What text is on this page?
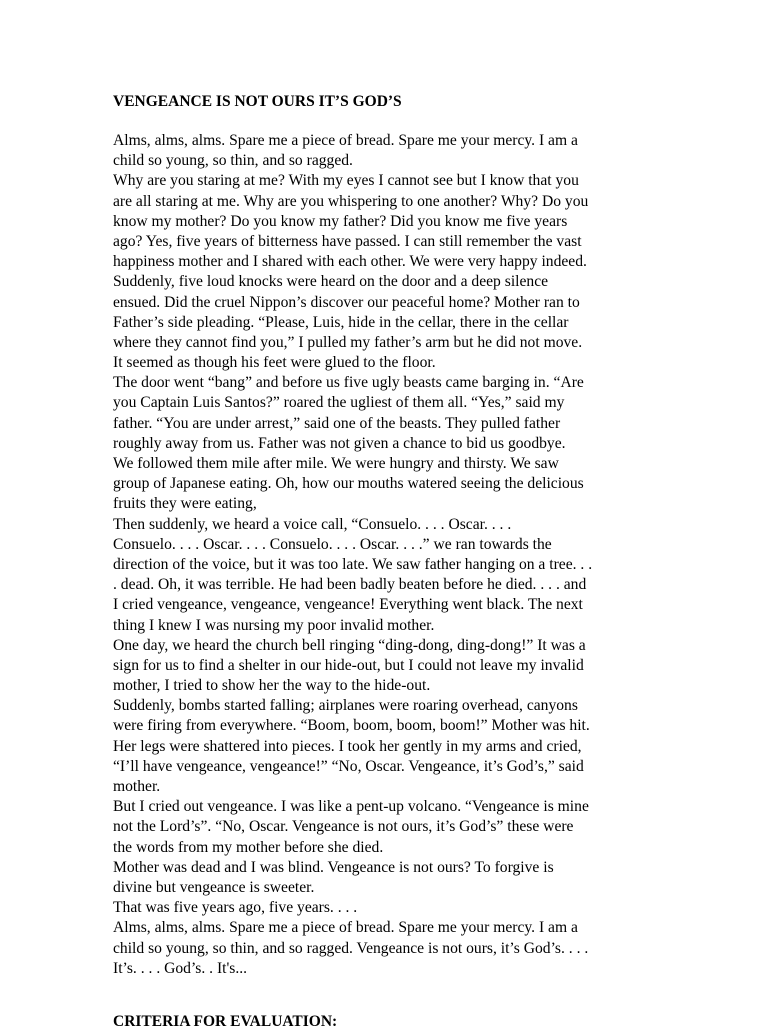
VENGEANCE IS NOT OURS IT’S GOD’S
Alms, alms, alms. Spare me a piece of bread. Spare me your mercy. I am a
child so young, so thin, and so ragged.
Why are you staring at me? With my eyes I cannot see but I know that you
are all staring at me. Why are you whispering to one another? Why? Do you
know my mother? Do you know my father? Did you know me five years
ago? Yes, five years of bitterness have passed. I can still remember the vast
happiness mother and I shared with each other. We were very happy indeed.
Suddenly, five loud knocks were heard on the door and a deep silence
ensued. Did the cruel Nippon’s discover our peaceful home? Mother ran to
Father’s side pleading. “Please, Luis, hide in the cellar, there in the cellar
where they cannot find you,” I pulled my father’s arm but he did not move.
It seemed as though his feet were glued to the floor.
The door went “bang” and before us five ugly beasts came barging in. “Are
you Captain Luis Santos?” roared the ugliest of them all. “Yes,” said my
father. “You are under arrest,” said one of the beasts. They pulled father
roughly away from us. Father was not given a chance to bid us goodbye.
We followed them mile after mile. We were hungry and thirsty. We saw
group of Japanese eating. Oh, how our mouths watered seeing the delicious
fruits they were eating,
Then suddenly, we heard a voice call, “Consuelo. . . . Oscar. . . .
Consuelo. . . . Oscar. . . . Consuelo. . . . Oscar. . . .” we ran towards the
direction of the voice, but it was too late. We saw father hanging on a tree. . .
. dead. Oh, it was terrible. He had been badly beaten before he died. . . . and
I cried vengeance, vengeance, vengeance! Everything went black. The next
thing I knew I was nursing my poor invalid mother.
One day, we heard the church bell ringing “ding-dong, ding-dong!” It was a
sign for us to find a shelter in our hide-out, but I could not leave my invalid
mother, I tried to show her the way to the hide-out.
Suddenly, bombs started falling; airplanes were roaring overhead, canyons
were firing from everywhere. “Boom, boom, boom, boom!” Mother was hit.
Her legs were shattered into pieces. I took her gently in my arms and cried,
“I’ll have vengeance, vengeance!” “No, Oscar. Vengeance, it’s God’s,” said
mother.
But I cried out vengeance. I was like a pent-up volcano. “Vengeance is mine
not the Lord’s”. “No, Oscar. Vengeance is not ours, it’s God’s” these were
the words from my mother before she died.
Mother was dead and I was blind. Vengeance is not ours? To forgive is
divine but vengeance is sweeter.
That was five years ago, five years. . . .
Alms, alms, alms. Spare me a piece of bread. Spare me your mercy. I am a
child so young, so thin, and so ragged. Vengeance is not ours, it’s God’s. . . .
It’s. . . . God’s. . It's...
CRITERIA FOR EVALUATION:
